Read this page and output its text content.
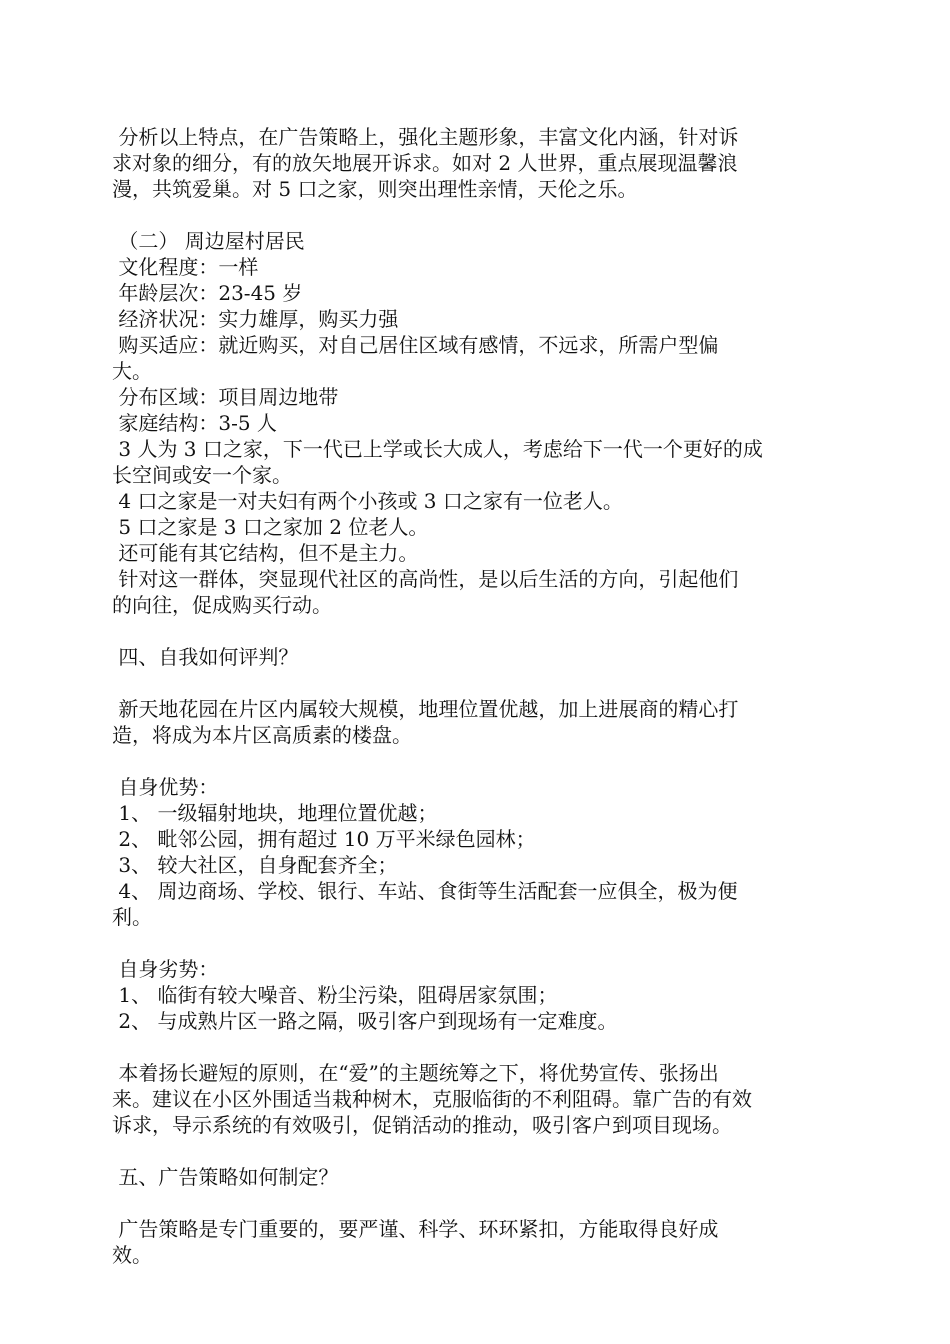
分析以上特点，在广告策略上，强化主题形象，丰富文化内涵，针对诉

求对象的细分，有的放矢地展开诉求。如对 2 人世界，重点展现温馨浪

漫，共筑爱巢。对 5 口之家，则突出理性亲情，天伦之乐。

（二） 周边屋村居民

文化程度：一样

年龄层次：23-45 岁

经济状况：实力雄厚，购买力强

购买适应：就近购买，对自己居住区域有感情，不远求，所需户型偏

大。

分布区域：项目周边地带

家庭结构：3-5 人

3 人为 3 口之家，下一代已上学或长大成人，考虑给下一代一个更好的成

长空间或安一个家。

4 口之家是一对夫妇有两个小孩或 3 口之家有一位老人。

5 口之家是 3 口之家加 2 位老人。

还可能有其它结构，但不是主力。

针对这一群体，突显现代社区的高尚性，是以后生活的方向，引起他们

的向往，促成购买行动。

四、自我如何评判？

新天地花园在片区内属较大规模，地理位置优越，加上进展商的精心打

造，将成为本片区高质素的楼盘。

自身优势：

1、 一级辐射地块，地理位置优越；

2、 毗邻公园，拥有超过 10 万平米绿色园林；

3、 较大社区，自身配套齐全；

4、 周边商场、学校、银行、车站、食街等生活配套一应俱全，极为便

利。

自身劣势：

1、 临街有较大噪音、粉尘污染，阻碍居家氛围；

2、 与成熟片区一路之隔，吸引客户到现场有一定难度。

本着扬长避短的原则，在“爱”的主题统筹之下，将优势宣传、张扬出

来。建议在小区外围适当栽种树木，克服临街的不利阻碍。靠广告的有效

诉求，导示系统的有效吸引，促销活动的推动，吸引客户到项目现场。

五、广告策略如何制定？

广告策略是专门重要的，要严谨、科学、环环紧扣，方能取得良好成

效。
